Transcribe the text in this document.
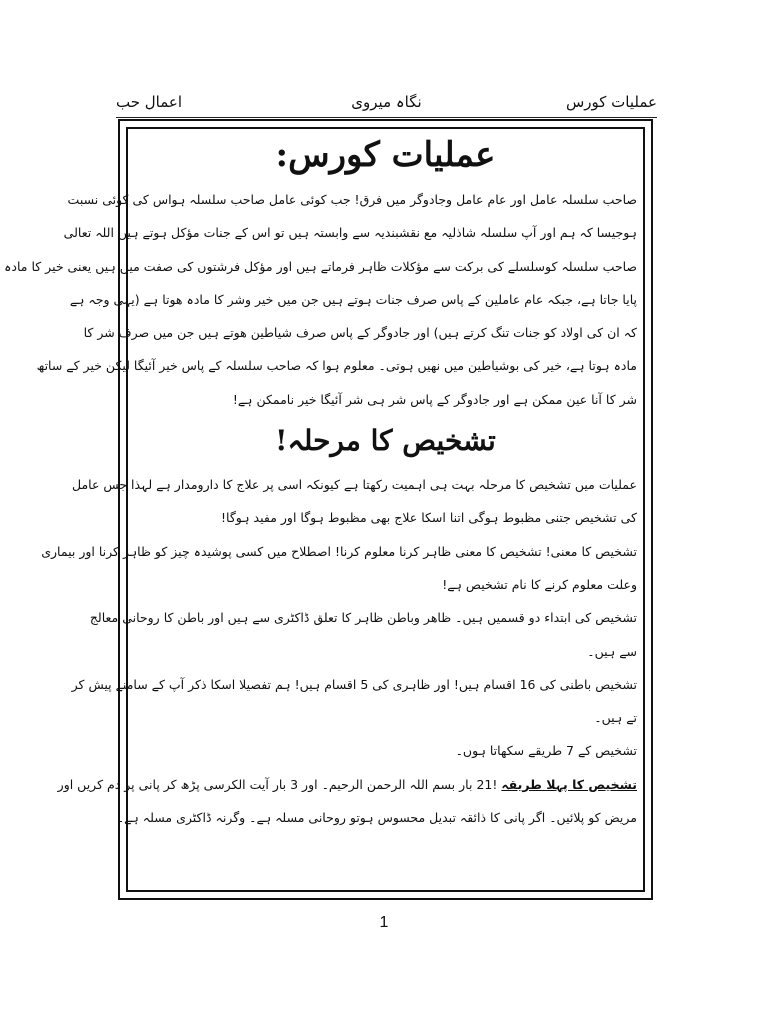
عملیات کورس
نگاہ میروی
اعمال حب
عملیات کورس:
صاحب سلسلہ عامل اور عام عامل وجادوگر میں فرق! جب کوئی عامل صاحب سلسلہ ہواس کی کوئی نسبت
ہوجیسا کہ ہم اور آپ سلسلہ شاذلیہ مع نقشبندیہ سے وابستہ ہیں تو اس کے جنات مؤکل ہوتے ہیں اللہ تعالی
صاحب سلسلہ کوسلسلے کی برکت سے مؤکلات ظاہر فرماتے ہیں اور مؤکل فرشتوں کی صفت میں ہیں یعنی خیر کا مادہ
پایا جاتا ہے، جبکہ عام عاملین کے پاس صرف جنات ہوتے ہیں جن میں خیر وشر کا مادہ ھوتا ہے (یہی وجہ ہے
کہ ان کی اولاد کو جنات تنگ کرتے ہیں) اور جادوگر کے پاس صرف شیاطین ھوتے ہیں جن میں صرف شر کا
مادہ ہوتا ہے، خیر کی بوشیاطین میں نھیں ہوتی۔ معلوم ہوا کہ صاحب سلسلہ کے پاس خیر آئیگا لیکن خیر کے ساتھ
شر کا آنا عین ممکن ہے اور جادوگر کے پاس شر ہی شر آئیگا خیر ناممکن ہے!
تشخیص کا مرحلہ!
عملیات میں تشخیص کا مرحلہ بہت ہی اہمیت رکھتا ہے کیونکہ اسی پر علاج کا دارومدار ہے لہذا جس عامل
کی تشخیص جتنی مظبوط ہوگی اتنا اسکا علاج بھی مظبوط ہوگا اور مفید ہوگا!
تشخیص کا معنی! تشخیص کا معنی ظاہر کرنا معلوم کرنا! اصطلاح میں کسی پوشیدہ چیز کو ظاہر کرنا اور بیماری
وعلت معلوم کرنے کا نام تشخیص ہے!
تشخیص کی ابتداء دو قسمیں ہیں۔ ظاھر وباطن ظاہر کا تعلق ڈاکٹری سے ہیں اور باطن کا روحانی معالج
سے ہیں۔
تشخیص باطنی کی 16 اقسام ہیں! اور ظاہری کی 5 اقسام ہیں! ہم تفصیلا اسکا ذکر آپ کے سامنے پیش کر
تے ہیں۔
تشخیص کے 7 طریقے سکھاتا ہوں۔
تشخیص کا پہلا طریقہ !21 بار بسم اللہ الرحمن الرحیم۔ اور 3 بار آیت الکرسی پڑھ کر پانی پر دم کریں اور
مریض کو پلائیں۔ اگر پانی کا ذائقہ تبدیل محسوس ہوتو روحانی مسلہ ہے۔ وگرنہ ڈاکٹری مسلہ ہے۔
1
